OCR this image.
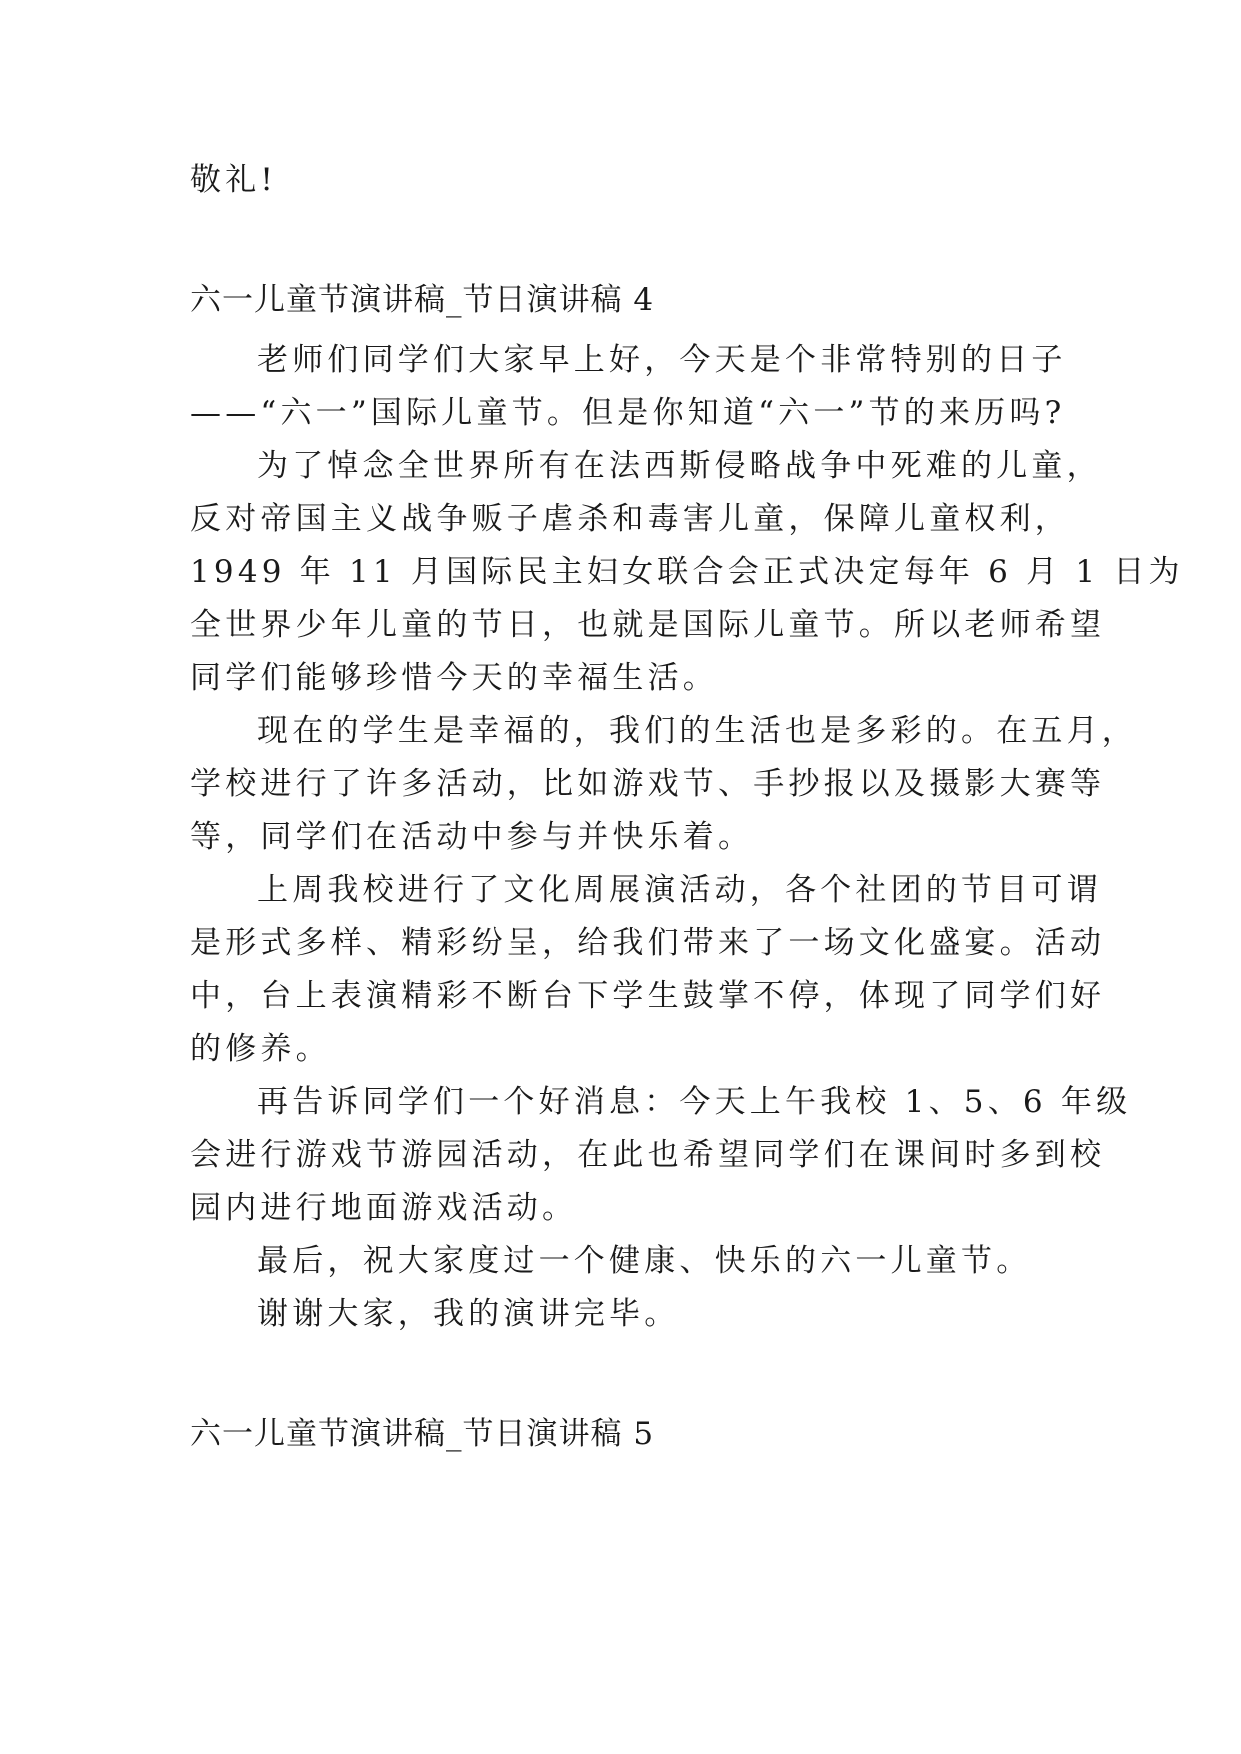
敬礼!
六一儿童节演讲稿_节日演讲稿 4
老师们同学们大家早上好，今天是个非常特别的日子
——“六一”国际儿童节。但是你知道“六一”节的来历吗?
为了悼念全世界所有在法西斯侵略战争中死难的儿童，
反对帝国主义战争贩子虐杀和毒害儿童，保障儿童权利，
1949 年 11 月国际民主妇女联合会正式决定每年 6 月 1 日为
全世界少年儿童的节日，也就是国际儿童节。所以老师希望
同学们能够珍惜今天的幸福生活。
现在的学生是幸福的，我们的生活也是多彩的。在五月，
学校进行了许多活动，比如游戏节、手抄报以及摄影大赛等
等，同学们在活动中参与并快乐着。
上周我校进行了文化周展演活动，各个社团的节目可谓
是形式多样、精彩纷呈，给我们带来了一场文化盛宴。活动
中，台上表演精彩不断台下学生鼓掌不停，体现了同学们好
的修养。
再告诉同学们一个好消息：今天上午我校 1、5、6 年级
会进行游戏节游园活动，在此也希望同学们在课间时多到校
园内进行地面游戏活动。
最后，祝大家度过一个健康、快乐的六一儿童节。
谢谢大家，我的演讲完毕。
六一儿童节演讲稿_节日演讲稿 5
